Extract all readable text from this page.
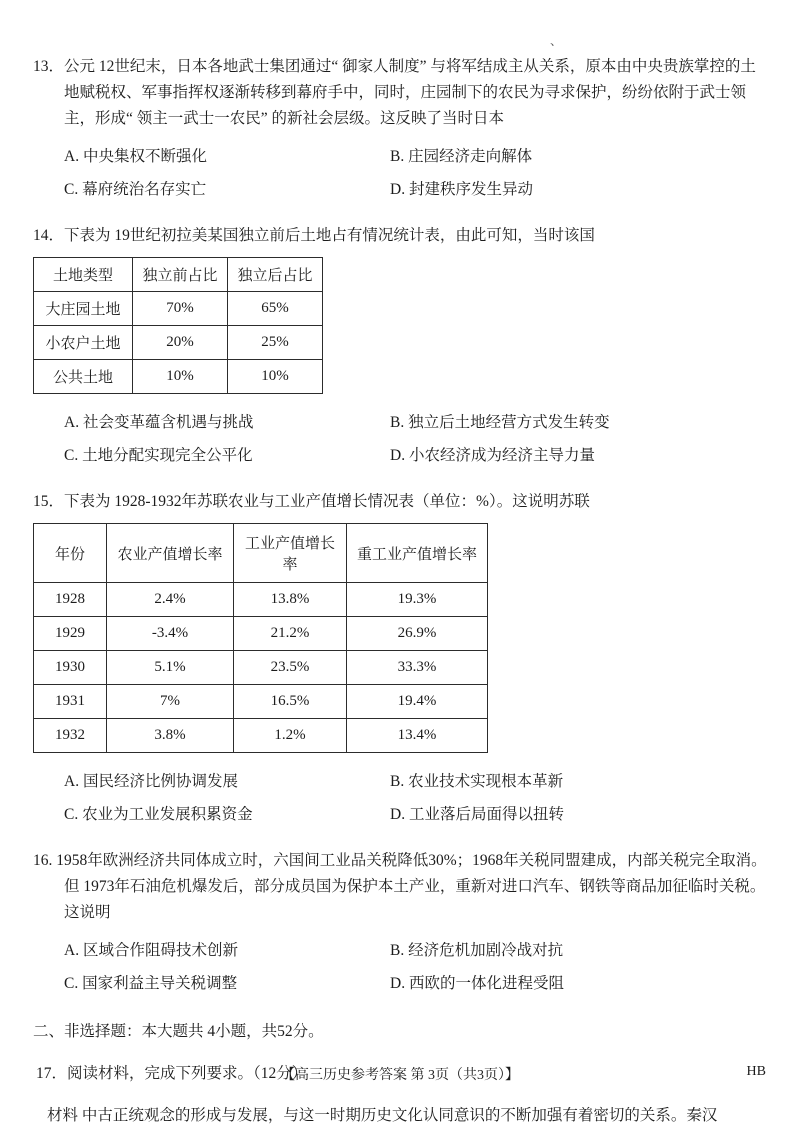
、

13．公元 12世纪末，日本各地武士集团通过“ 御家人制度” 与将军结成主从关系，原本由中央贵族掌控的土地赋税权、军事指挥权逐渐转移到幕府手中，同时，庄园制下的农民为寻求保护，纷纷依附于武士领主，形成“ 领主一武士一农民” 的新社会层级。这反映了当时日本

A. 中央集权不断强化	B. 庄园经济走向解体
C. 幕府统治名存实亡	D. 封建秩序发生异动

14．下表为 19世纪初拉美某国独立前后土地占有情况统计表，由此可知，当时该国

土地类型	独立前占比	独立后占比
大庄园土地	70%	65%
小农户土地	20%	25%
公共土地	10%	10%
A. 社会变革蕴含机遇与挑战	B. 独立后土地经营方式发生转变
C. 土地分配实现完全公平化	D. 小农经济成为经济主导力量

15．下表为 1928-1932年苏联农业与工业产值增长情况表（单位：%）。这说明苏联

年份	农业产值增长率	工业产值增长率	重工业产值增长率
1928	2.4%	13.8%	19.3%
1929	-3.4%	21.2%	26.9%
1930	5.1%	23.5%	33.3%
1931	7%	16.5%	19.4%
1932	3.8%	1.2%	13.4%
A. 国民经济比例协调发展	B. 农业技术实现根本革新
C. 农业为工业发展积累资金	D. 工业落后局面得以扭转

16. 1958年欧洲经济共同体成立时，六国间工业品关税降低30%；1968年关税同盟建成，内部关税完全取消。但 1973年石油危机爆发后，部分成员国为保护本土产业，重新对进口汽车、钢铁等商品加征临时关税。这说明

A. 区域合作阻碍技术创新	B. 经济危机加剧冷战对抗
C. 国家利益主导关税调整	D. 西欧的一体化进程受阻

二、非选择题：本大题共 4小题，共52分。

17．阅读材料，完成下列要求。（12分）

材料 中古正统观念的形成与发展，与这一时期历史文化认同意识的不断加强有着密切的关系。秦汉

【高三历史参考答案 第 3页（共3页）】	HB
